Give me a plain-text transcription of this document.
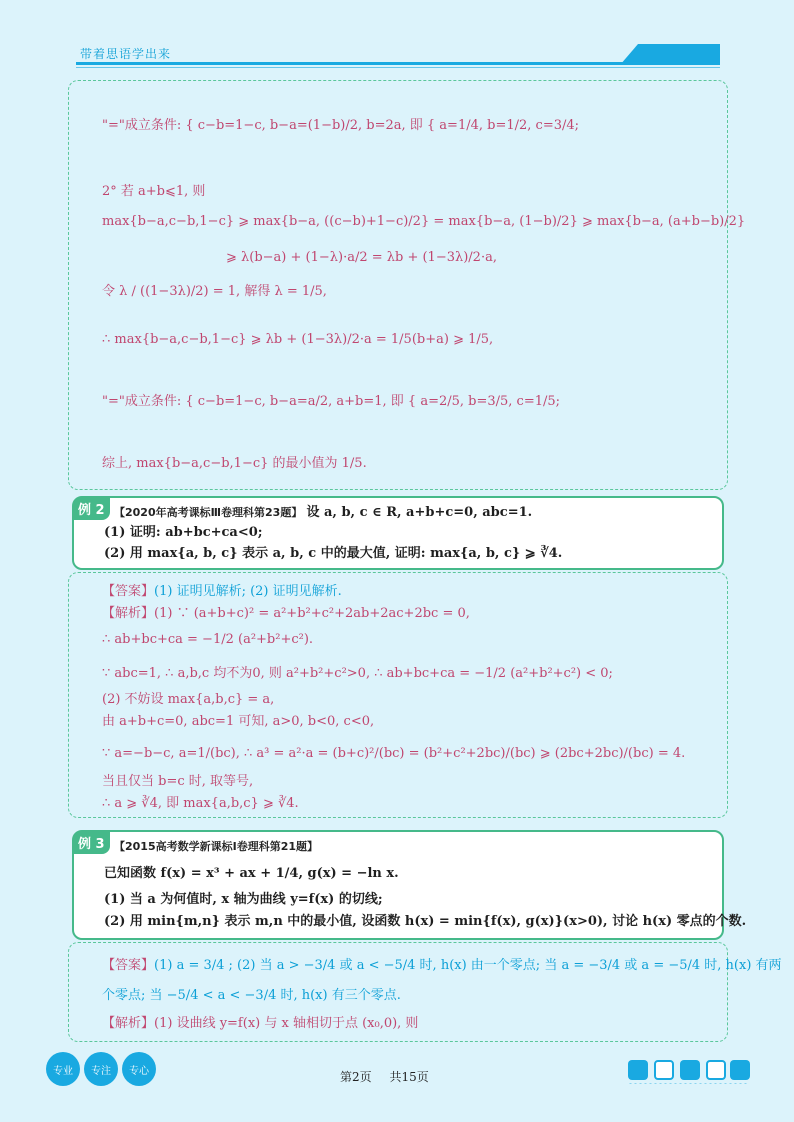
带着思语学出来
"="成立条件: { c−b=1−c, b−a=(1−b)/2, b=2a, 即 { a=1/4, b=1/2, c=3/4;
2° 若 a+b⩽1, 则
max{b−a,c−b,1−c} ⩾ max{b−a, ((c−b)+1−c)/2} = max{b−a, (1−b)/2} ⩾ max{b−a, (a+b−b)/2}
⩾ λ(b−a) + (1−λ)·a/2 = λb + (1−3λ)/2·a,
令 λ / ((1−3λ)/2) = 1, 解得 λ = 1/5,
∴ max{b−a,c−b,1−c} ⩾ λb + (1−3λ)/2·a = 1/5(b+a) ⩾ 1/5,
"="成立条件: { c−b=1−c, b−a=a/2, a+b=1, 即 { a=2/5, b=3/5, c=1/5;
综上, max{b−a,c−b,1−c} 的最小值为 1/5.
例 2 【2020年高考课标Ⅲ卷理科第23题】 设 a, b, c ∈ R, a+b+c=0, abc=1.
(1) 证明: ab+bc+ca<0;
(2) 用 max{a, b, c} 表示 a, b, c 中的最大值, 证明: max{a, b, c} ⩾ ∛4.
【答案】(1) 证明见解析; (2) 证明见解析.
【解析】(1) ∵ (a+b+c)² = a²+b²+c²+2ab+2ac+2bc = 0,
∴ ab+bc+ca = −1/2 (a²+b²+c²).
∵ abc=1, ∴ a,b,c 均不为0, 则 a²+b²+c²>0, ∴ ab+bc+ca = −1/2 (a²+b²+c²) < 0;
(2) 不妨设 max{a,b,c} = a,
由 a+b+c=0, abc=1 可知, a>0, b<0, c<0,
∵ a=−b−c, a=1/(bc), ∴ a³ = a²·a = (b+c)²/(bc) = (b²+c²+2bc)/(bc) ⩾ (2bc+2bc)/(bc) = 4.
当且仅当 b=c 时, 取等号,
∴ a ⩾ ∛4, 即 max{a,b,c} ⩾ ∛4.
例 3 【2015高考数学新课标Ⅰ卷理科第21题】
已知函数 f(x) = x³ + ax + 1/4, g(x) = −ln x.
(1) 当 a 为何值时, x 轴为曲线 y=f(x) 的切线;
(2) 用 min{m,n} 表示 m,n 中的最小值, 设函数 h(x) = min{f(x), g(x)}(x>0), 讨论 h(x) 零点的个数.
【答案】(1) a = 3/4 ; (2) 当 a > −3/4 或 a < −5/4 时, h(x) 由一个零点; 当 a = −3/4 或 a = −5/4 时, h(x) 有两
个零点; 当 −5/4 < a < −3/4 时, h(x) 有三个零点.
【解析】(1) 设曲线 y=f(x) 与 x 轴相切于点 (x₀,0), 则
专业	专注	专心	第2页 共15页
